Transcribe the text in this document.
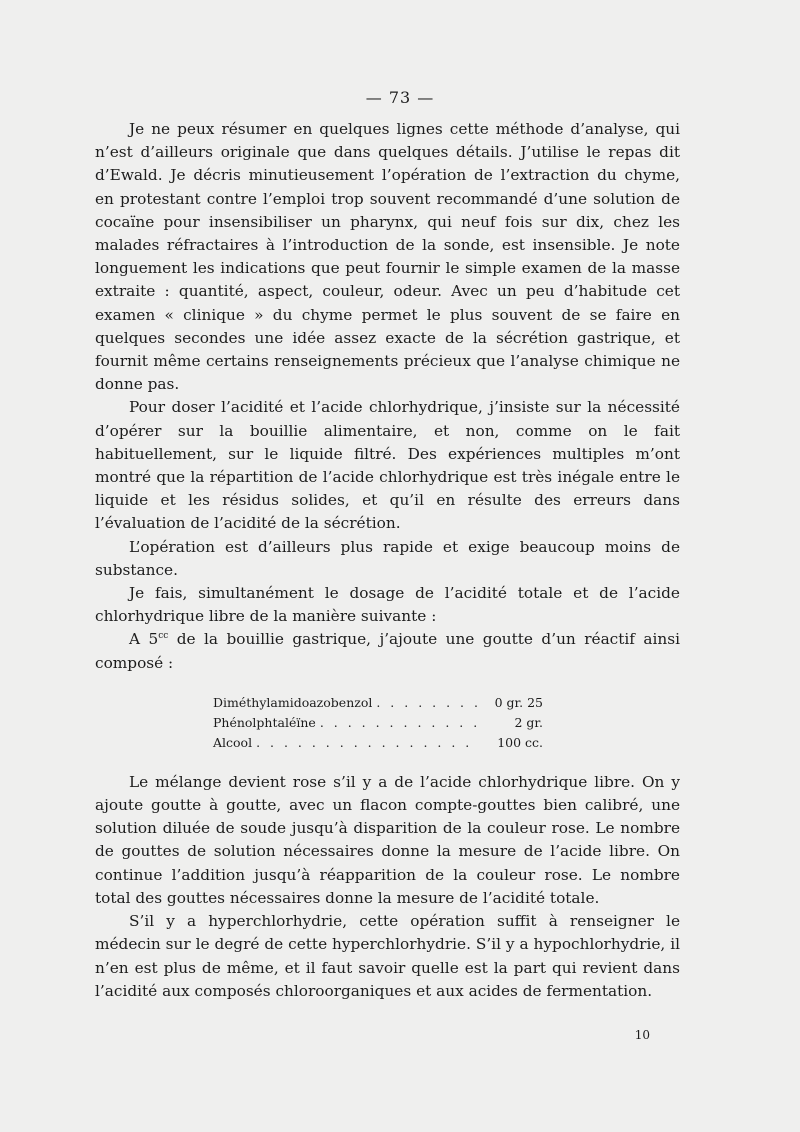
— 73 —

Je ne peux résumer en quelques lignes cette méthode d’analyse, qui n’est d’ailleurs originale que dans quelques détails. J’utilise le repas dit d’Ewald. Je décris minutieusement l’opération de l’extraction du chyme, en protestant contre l’emploi trop souvent recommandé d’une solution de cocaïne pour insensibiliser un pharynx, qui neuf fois sur dix, chez les malades réfractaires à l’introduction de la sonde, est insensible. Je note longuement les indications que peut fournir le simple examen de la masse extraite : quantité, aspect, couleur, odeur. Avec un peu d’habitude cet examen « clinique » du chyme permet le plus souvent de se faire en quelques secondes une idée assez exacte de la sécrétion gastrique, et fournit même certains renseignements précieux que l’analyse chimique ne donne pas.

Pour doser l’acidité et l’acide chlorhydrique, j’insiste sur la nécessité d’opérer sur la bouillie alimentaire, et non, comme on le fait habituellement, sur le liquide filtré. Des expériences multiples m’ont montré que la répartition de l’acide chlorhydrique est très inégale entre le liquide et les résidus solides, et qu’il en résulte des erreurs dans l’évaluation de l’acidité de la sécrétion.

L’opération est d’ailleurs plus rapide et exige beaucoup moins de substance.

Je fais, simultanément le dosage de l’acidité totale et de l’acide chlorhydrique libre de la manière suivante :

A $5^{cc}$ de la bouillie gastrique, j’ajoute une goutte d’un réactif ainsi composé :

Diméthylamidoazobenzol . . .	0 gr. 25
Phénolphtaléïne . . .	2 gr.
Alcool . . .	100 cc.

Le mélange devient rose s’il y a de l’acide chlorhydrique libre. On y ajoute goutte à goutte, avec un flacon compte-gouttes bien calibré, une solution diluée de soude jusqu’à disparition de la couleur rose. Le nombre de gouttes de solution nécessaires donne la mesure de l’acide libre. On continue l’addition jusqu’à réapparition de la couleur rose. Le nombre total des gouttes nécessaires donne la mesure de l’acidité totale.

S’il y a hyperchlorhydrie, cette opération suffit à renseigner le médecin sur le degré de cette hyperchlorhydrie. S’il y a hypochlorhydrie, il n’en est plus de même, et il faut savoir quelle est la part qui revient dans l’acidité aux composés chloroorganiques et aux acides de fermentation.

10
